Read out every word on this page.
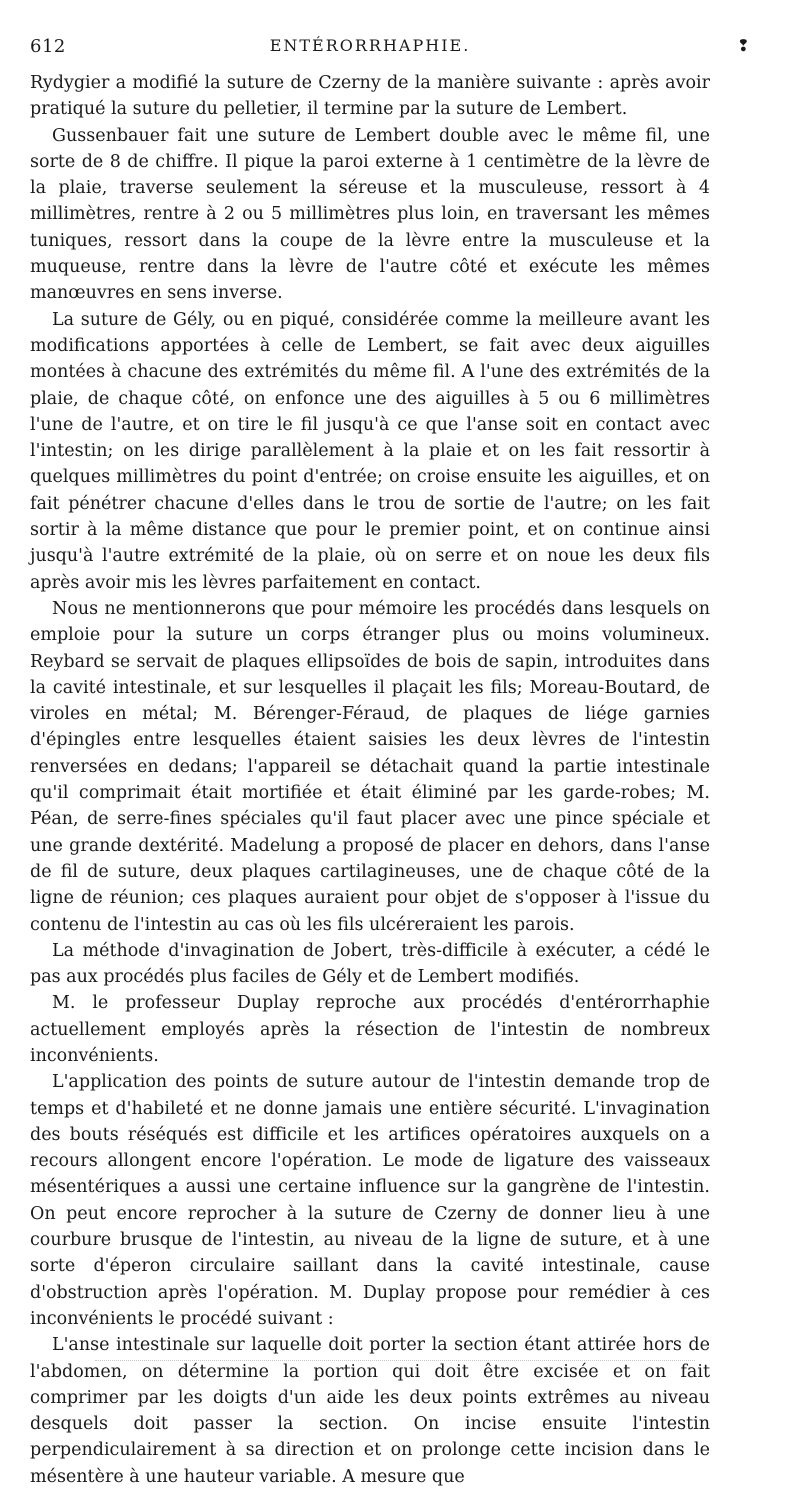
612	ENTÉRORRHAPHIE.	❢

Rydygier a modifié la suture de Czerny de la manière suivante : après avoir pratiqué la suture du pelletier, il termine par la suture de Lembert.

Gussenbauer fait une suture de Lembert double avec le même fil, une sorte de 8 de chiffre. Il pique la paroi externe à 1 centimètre de la lèvre de la plaie, traverse seulement la séreuse et la musculeuse, ressort à 4 millimètres, rentre à 2 ou 5 millimètres plus loin, en traversant les mêmes tuniques, ressort dans la coupe de la lèvre entre la musculeuse et la muqueuse, rentre dans la lèvre de l'autre côté et exécute les mêmes manœuvres en sens inverse.

La suture de Gély, ou en piqué, considérée comme la meilleure avant les modifications apportées à celle de Lembert, se fait avec deux aiguilles montées à chacune des extrémités du même fil. A l'une des extrémités de la plaie, de chaque côté, on enfonce une des aiguilles à 5 ou 6 millimètres l'une de l'autre, et on tire le fil jusqu'à ce que l'anse soit en contact avec l'intestin; on les dirige parallèlement à la plaie et on les fait ressortir à quelques millimètres du point d'entrée; on croise ensuite les aiguilles, et on fait pénétrer chacune d'elles dans le trou de sortie de l'autre; on les fait sortir à la même distance que pour le premier point, et on continue ainsi jusqu'à l'autre extrémité de la plaie, où on serre et on noue les deux fils après avoir mis les lèvres parfaitement en contact.

Nous ne mentionnerons que pour mémoire les procédés dans lesquels on emploie pour la suture un corps étranger plus ou moins volumineux. Reybard se servait de plaques ellipsoïdes de bois de sapin, introduites dans la cavité intestinale, et sur lesquelles il plaçait les fils; Moreau-Boutard, de viroles en métal; M. Bérenger-Féraud, de plaques de liége garnies d'épingles entre lesquelles étaient saisies les deux lèvres de l'intestin renversées en dedans; l'appareil se détachait quand la partie intestinale qu'il comprimait était mortifiée et était éliminé par les garde-robes; M. Péan, de serre-fines spéciales qu'il faut placer avec une pince spéciale et une grande dextérité. Madelung a proposé de placer en dehors, dans l'anse de fil de suture, deux plaques cartilagineuses, une de chaque côté de la ligne de réunion; ces plaques auraient pour objet de s'opposer à l'issue du contenu de l'intestin au cas où les fils ulcéreraient les parois.

La méthode d'invagination de Jobert, très-difficile à exécuter, a cédé le pas aux procédés plus faciles de Gély et de Lembert modifiés.

M. le professeur Duplay reproche aux procédés d'entérorrhaphie actuellement employés après la résection de l'intestin de nombreux inconvénients.

L'application des points de suture autour de l'intestin demande trop de temps et d'habileté et ne donne jamais une entière sécurité. L'invagination des bouts réséqués est difficile et les artifices opératoires auxquels on a recours allongent encore l'opération. Le mode de ligature des vaisseaux mésentériques a aussi une certaine influence sur la gangrène de l'intestin. On peut encore reprocher à la suture de Czerny de donner lieu à une courbure brusque de l'intestin, au niveau de la ligne de suture, et à une sorte d'éperon circulaire saillant dans la cavité intestinale, cause d'obstruction après l'opération. M. Duplay propose pour remédier à ces inconvénients le procédé suivant :

L'anse intestinale sur laquelle doit porter la section étant attirée hors de l'abdomen, on détermine la portion qui doit être excisée et on fait comprimer par les doigts d'un aide les deux points extrêmes au niveau desquels doit passer la section. On incise ensuite l'intestin perpendiculairement à sa direction et on prolonge cette incision dans le mésentère à une hauteur variable. A mesure que
